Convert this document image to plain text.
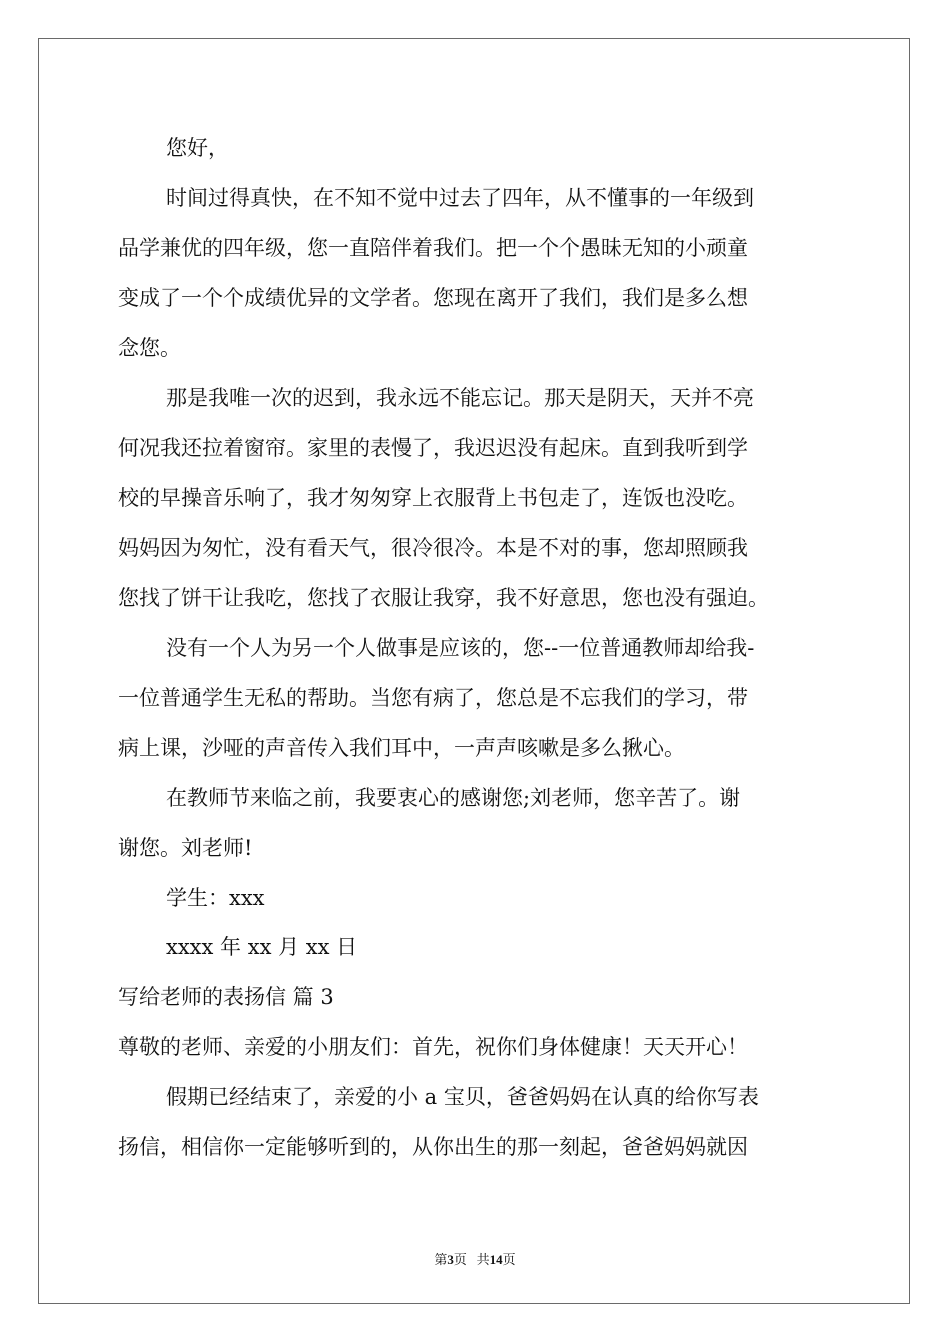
您好，
时间过得真快，在不知不觉中过去了四年，从不懂事的一年级到
品学兼优的四年级，您一直陪伴着我们。把一个个愚昧无知的小顽童
变成了一个个成绩优异的文学者。您现在离开了我们，我们是多么想
念您。
那是我唯一次的迟到，我永远不能忘记。那天是阴天，天并不亮
何况我还拉着窗帘。家里的表慢了，我迟迟没有起床。直到我听到学
校的早操音乐响了，我才匆匆穿上衣服背上书包走了，连饭也没吃。
妈妈因为匆忙，没有看天气，很冷很冷。本是不对的事，您却照顾我
您找了饼干让我吃，您找了衣服让我穿，我不好意思，您也没有强迫。
没有一个人为另一个人做事是应该的，您--一位普通教师却给我-
一位普通学生无私的帮助。当您有病了，您总是不忘我们的学习，带
病上课，沙哑的声音传入我们耳中，一声声咳嗽是多么揪心。
在教师节来临之前，我要衷心的感谢您;刘老师，您辛苦了。谢
谢您。刘老师!
学生：xxx
xxxx 年 xx 月 xx 日
写给老师的表扬信 篇 3
尊敬的老师、亲爱的小朋友们：首先，祝你们身体健康！天天开心！
假期已经结束了，亲爱的小 a 宝贝，爸爸妈妈在认真的给你写表
扬信，相信你一定能够听到的，从你出生的那一刻起，爸爸妈妈就因
第3页   共14页
